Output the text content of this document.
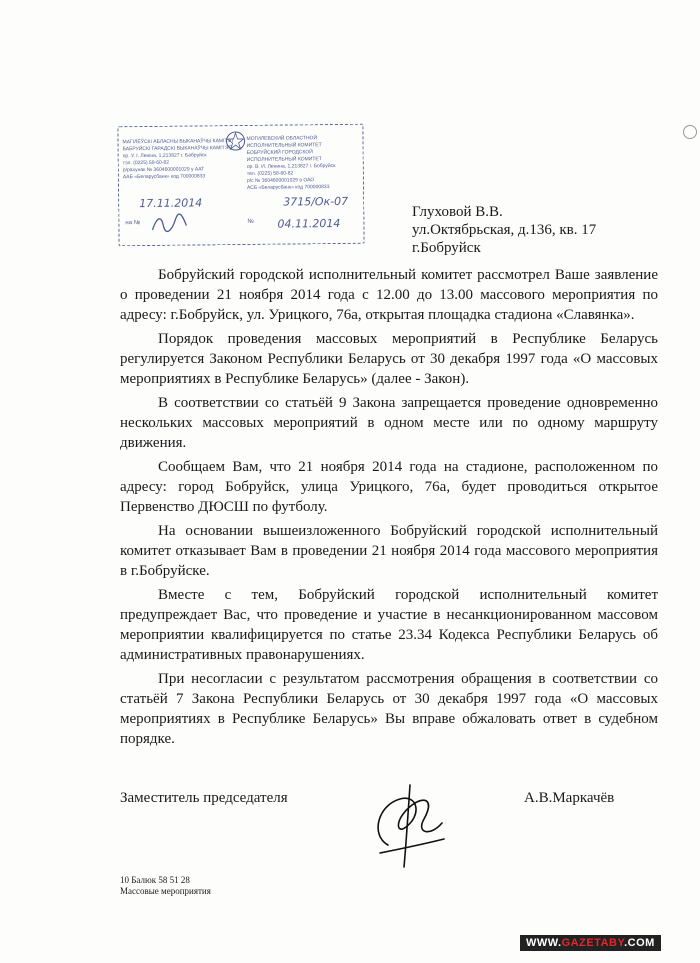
МАГІЛЁЎСКІ АБЛАСНЫ ВЫКАНАЎЧЫ КАМІТЭТ
БАБРУЙСКІ ГАРАДСКІ ВЫКАНАЎЧЫ КАМІТЭТ
пр. У. І. Леніна, 1,213827 г. Бабруйск
тэл. (0225) 58-60-62
р/рахунак № 3604600001029 у ААТ
ААБ «Беларусбанк» код 700000833
МОГИЛЕВСКИЙ ОБЛАСТНОЙ ИСПОЛНИТЕЛЬНЫЙ КОМИТЕТ
БОБРУЙСКИЙ ГОРОДСКОЙ ИСПОЛНИТЕЛЬНЫЙ КОМИТЕТ
пр. В. И. Ленина, 1,213827 г. Бобруйск
тел. (0225) 58-60-62
р/с № 3604600001029 в ОАО
АСБ «Беларусбанк» код 700000833
17.11.2014	3715/Ок-07
на №	№ 04.11.2014
Глуховой В.В.
ул.Октябрьская, д.136, кв. 17
г.Бобруйск

Бобруйский городской исполнительный комитет рассмотрел Ваше заявление о проведении 21 ноября 2014 года с 12.00 до 13.00 массового мероприятия по адресу: г.Бобруйск, ул. Урицкого, 76а, открытая площадка стадиона «Славянка».

Порядок проведения массовых мероприятий в Республике Беларусь регулируется Законом Республики Беларусь от 30 декабря 1997 года «О массовых мероприятиях в Республике Беларусь» (далее - Закон).

В соответствии со статьёй 9 Закона запрещается проведение одновременно нескольких массовых мероприятий в одном месте или по одному маршруту движения.

Сообщаем Вам, что 21 ноября 2014 года на стадионе, расположенном по адресу: город Бобруйск, улица Урицкого, 76а, будет проводиться открытое Первенство ДЮСШ по футболу.

На основании вышеизложенного Бобруйский городской исполнительный комитет отказывает Вам в проведении 21 ноября 2014 года массового мероприятия в г.Бобруйске.

Вместе с тем, Бобруйский городской исполнительный комитет предупреждает Вас, что проведение и участие в несанкционированном массовом мероприятии квалифицируется по статье 23.34 Кодекса Республики Беларусь об административных правонарушениях.

При несогласии с результатом рассмотрения обращения в соответствии со статьёй 7 Закона Республики Беларусь от 30 декабря 1997 года «О массовых мероприятиях в Республике Беларусь» Вы вправе обжаловать ответ в судебном порядке.

Заместитель председателя	А.В.Маркачёв
10 Балюк 58 51 28
Массовые мероприятия
WWW.GAZETABY.COM
